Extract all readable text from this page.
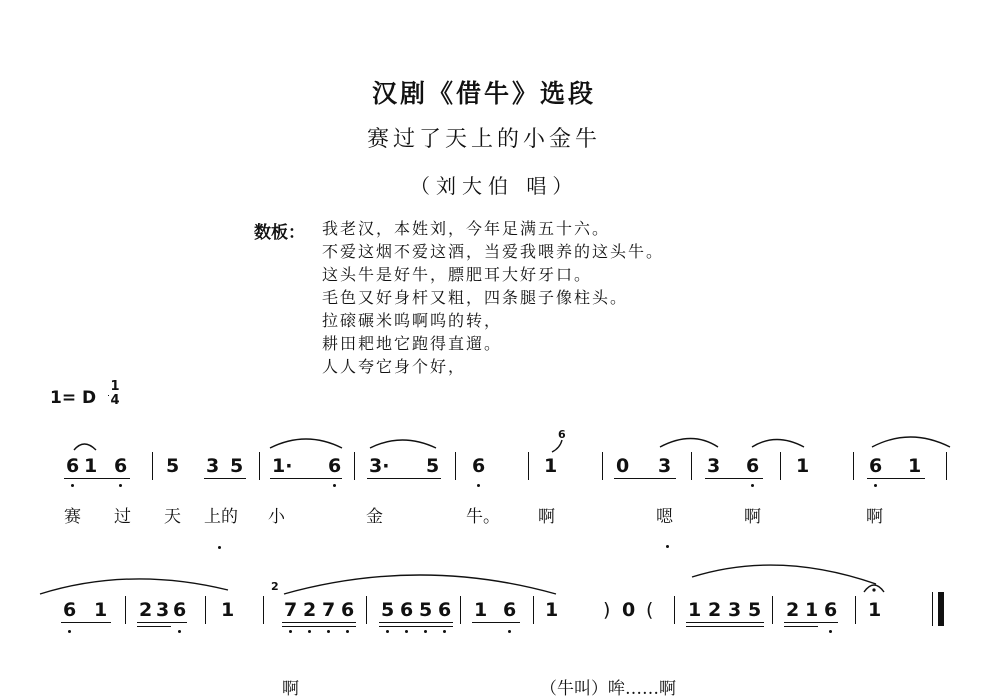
汉剧《借牛》选段
赛过了天上的小金牛
（刘大伯 唱）
数板： 我老汉，本姓刘，今年足满五十六。
不爱这烟不爱这酒，当爱我喂养的这头牛。
这头牛是好牛，膘肥耳大好牙口。
毛色又好身杆又粗，四条腿子像柱头。
拉磙碾米呜啊呜的转，
耕田耙地它跑得直遛。
人人夸它身个好，
1= D
1
4
6 1 6 5 3 5 1· 6 3· 5 6	1	0 3 3 6 1	6 1
6
赛 过 天 上的 小	金	牛。 啊	嗯	啊	啊
6 1 2 3 6 1	7 2 7 6 5 6 5 6 1 6 1 ) 0 ( 1 2 3 5 2 1 6 1
2
啊	（牛叫）哞……啊
